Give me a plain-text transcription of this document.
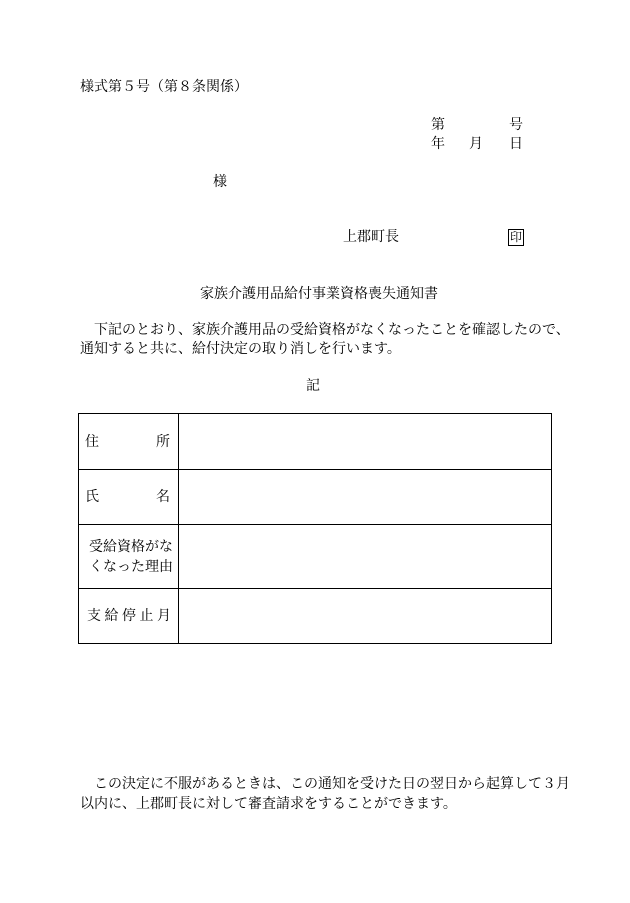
様式第５号（第８条関係）
第	号
年 月 日
様
上郡町長	印
家族介護用品給付事業資格喪失通知書
下記のとおり、家族介護用品の受給資格がなくなったことを確認したので、
通知すると共に、給付決定の取り消しを行います。
記
住 所	

氏 名	

受給資格がな
くなった理由	

支 給 停 止 月	

この決定に不服があるときは、この通知を受けた日の翌日から起算して３月
以内に、上郡町長に対して審査請求をすることができます。
